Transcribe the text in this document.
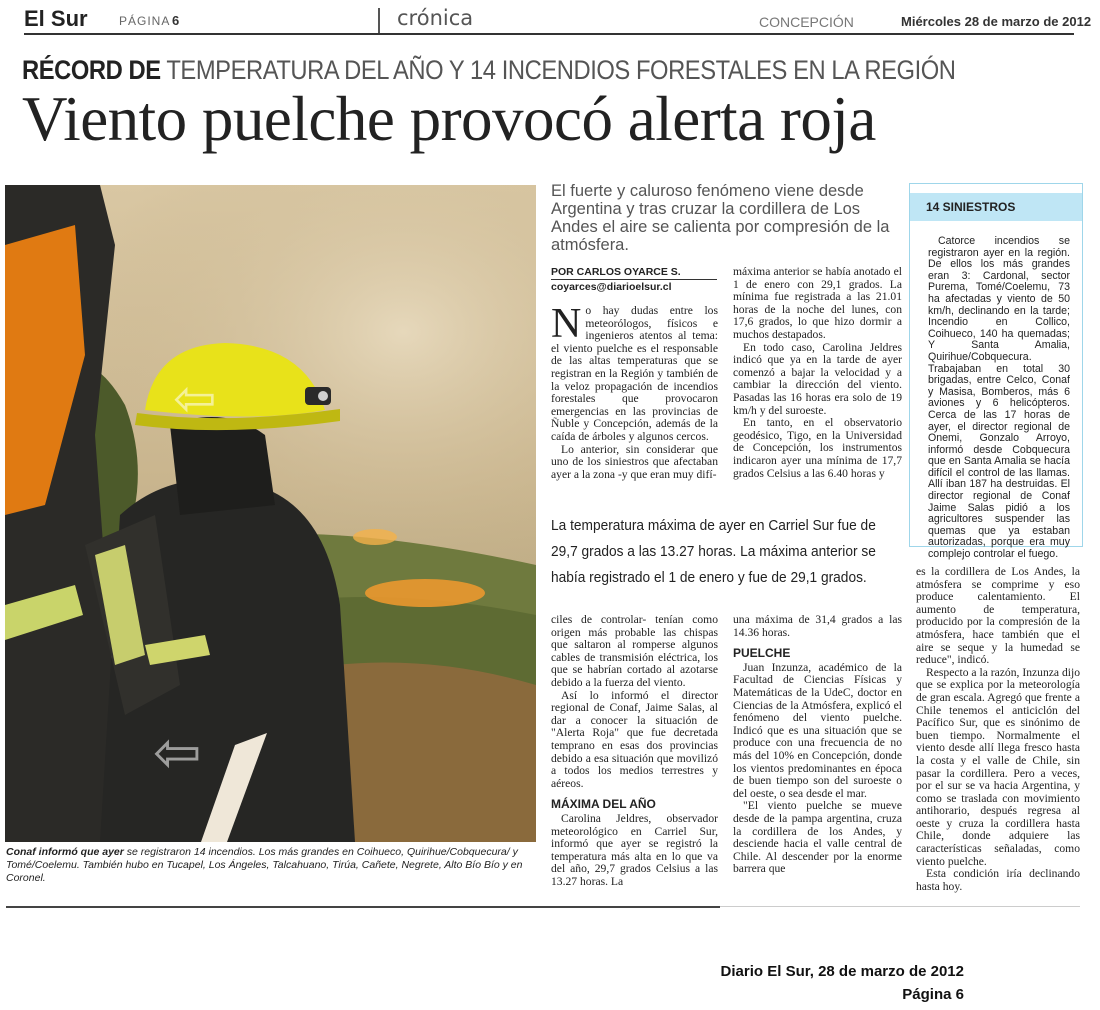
El Sur	PÁGINA 6	crónica	CONCEPCIÓN	Miércoles 28 de marzo de 2012
RÉCORD DE TEMPERATURA DEL AÑO Y 14 INCENDIOS FORESTALES EN LA REGIÓN
Viento puelche provocó alerta roja
⇦
⇦
Conaf informó que ayer se registraron 14 incendios. Los más grandes en Coihueco, Quirihue/Cobquecura/ y Tomé/Coelemu. También hubo en Tucapel, Los Ángeles, Talcahuano, Tirúa, Cañete, Negrete, Alto Bío Bío y en Coronel.
El fuerte y caluroso fenómeno viene desde Argentina y tras cruzar la cordillera de Los Andes el aire se calienta por compresión de la atmósfera.
POR CARLOS OYARCE S.
coyarces@diarioelsur.cl

No hay dudas entre los meteorólogos, físicos e ingenieros atentos al tema: el viento puelche es el responsable de las altas temperaturas que se registran en la Región y también de la veloz propagación de incendios forestales que provocaron emergencias en las provincias de Ñuble y Concepción, además de la caída de árboles y algunos cercos.

Lo anterior, sin considerar que uno de los siniestros que afectaban ayer a la zona -y que eran muy difí-

máxima anterior se había anotado el 1 de enero con 29,1 grados. La mínima fue registrada a las 21.01 horas de la noche del lunes, con 17,6 grados, lo que hizo dormir a muchos destapados.

En todo caso, Carolina Jeldres indicó que ya en la tarde de ayer comenzó a bajar la velocidad y a cambiar la dirección del viento. Pasadas las 16 horas era solo de 19 km/h y del suroeste.

En tanto, en el observatorio geodésico, Tigo, en la Universidad de Concepción, los instrumentos indicaron ayer una mínima de 17,7 grados Celsius a las 6.40 horas y

La temperatura máxima de ayer en Carriel Sur fue de 29,7 grados a las 13.27 horas. La máxima anterior se había registrado el 1 de enero y fue de 29,1 grados.
14 SINIESTROS

Catorce incendios se registraron ayer en la región. De ellos los más grandes eran 3: Cardonal, sector Purema, Tomé/Coelemu, 73 ha afectadas y viento de 50 km/h, declinando en la tarde; Incendio en Collico, Coihueco, 140 ha quemadas; Y Santa Amalia, Quirihue/Cobquecura. Trabajaban en total 30 brigadas, entre Celco, Conaf y Masisa, Bomberos, más 6 aviones y 6 helicópteros. Cerca de las 17 horas de ayer, el director regional de Onemi, Gonzalo Arroyo, informó desde Cobquecura que en Santa Amalia se hacía difícil el control de las llamas. Allí iban 187 ha destruidas. El director regional de Conaf Jaime Salas pidió a los agricultores suspender las quemas que ya estaban autorizadas, porque era muy complejo controlar el fuego.

ciles de controlar- tenían como origen más probable las chispas que saltaron al romperse algunos cables de transmisión eléctrica, los que se habrían cortado al azotarse debido a la fuerza del viento.

Así lo informó el director regional de Conaf, Jaime Salas, al dar a conocer la situación de "Alerta Roja" que fue decretada temprano en esas dos provincias debido a esa situación que movilizó a todos los medios terrestres y aéreos.

MÁXIMA DEL AÑO

Carolina Jeldres, observador meteorológico en Carriel Sur, informó que ayer se registró la temperatura más alta en lo que va del año, 29,7 grados Celsius a las 13.27 horas. La

una máxima de 31,4 grados a las 14.36 horas.

PUELCHE

Juan Inzunza, académico de la Facultad de Ciencias Físicas y Matemáticas de la UdeC, doctor en Ciencias de la Atmósfera, explicó el fenómeno del viento puelche. Indicó que es una situación que se produce con una frecuencia de no más del 10% en Concepción, donde los vientos predominantes en época de buen tiempo son del suroeste o del oeste, o sea desde el mar.

"El viento puelche se mueve desde de la pampa argentina, cruza la cordillera de los Andes, y desciende hacia el valle central de Chile. Al descender por la enorme barrera que

es la cordillera de Los Andes, la atmósfera se comprime y eso produce calentamiento. El aumento de temperatura, producido por la compresión de la atmósfera, hace también que el aire se seque y la humedad se reduce", indicó.

Respecto a la razón, Inzunza dijo que se explica por la meteorología de gran escala. Agregó que frente a Chile tenemos el anticiclón del Pacífico Sur, que es sinónimo de buen tiempo. Normalmente el viento desde allí llega fresco hasta la costa y el valle de Chile, sin pasar la cordillera. Pero a veces, por el sur se va hacia Argentina, y como se traslada con movimiento antihorario, después regresa al oeste y cruza la cordillera hasta Chile, donde adquiere las características señaladas, como viento puelche.

Esta condición iría declinando hasta hoy.

Diario El Sur, 28 de marzo de 2012
Página 6
